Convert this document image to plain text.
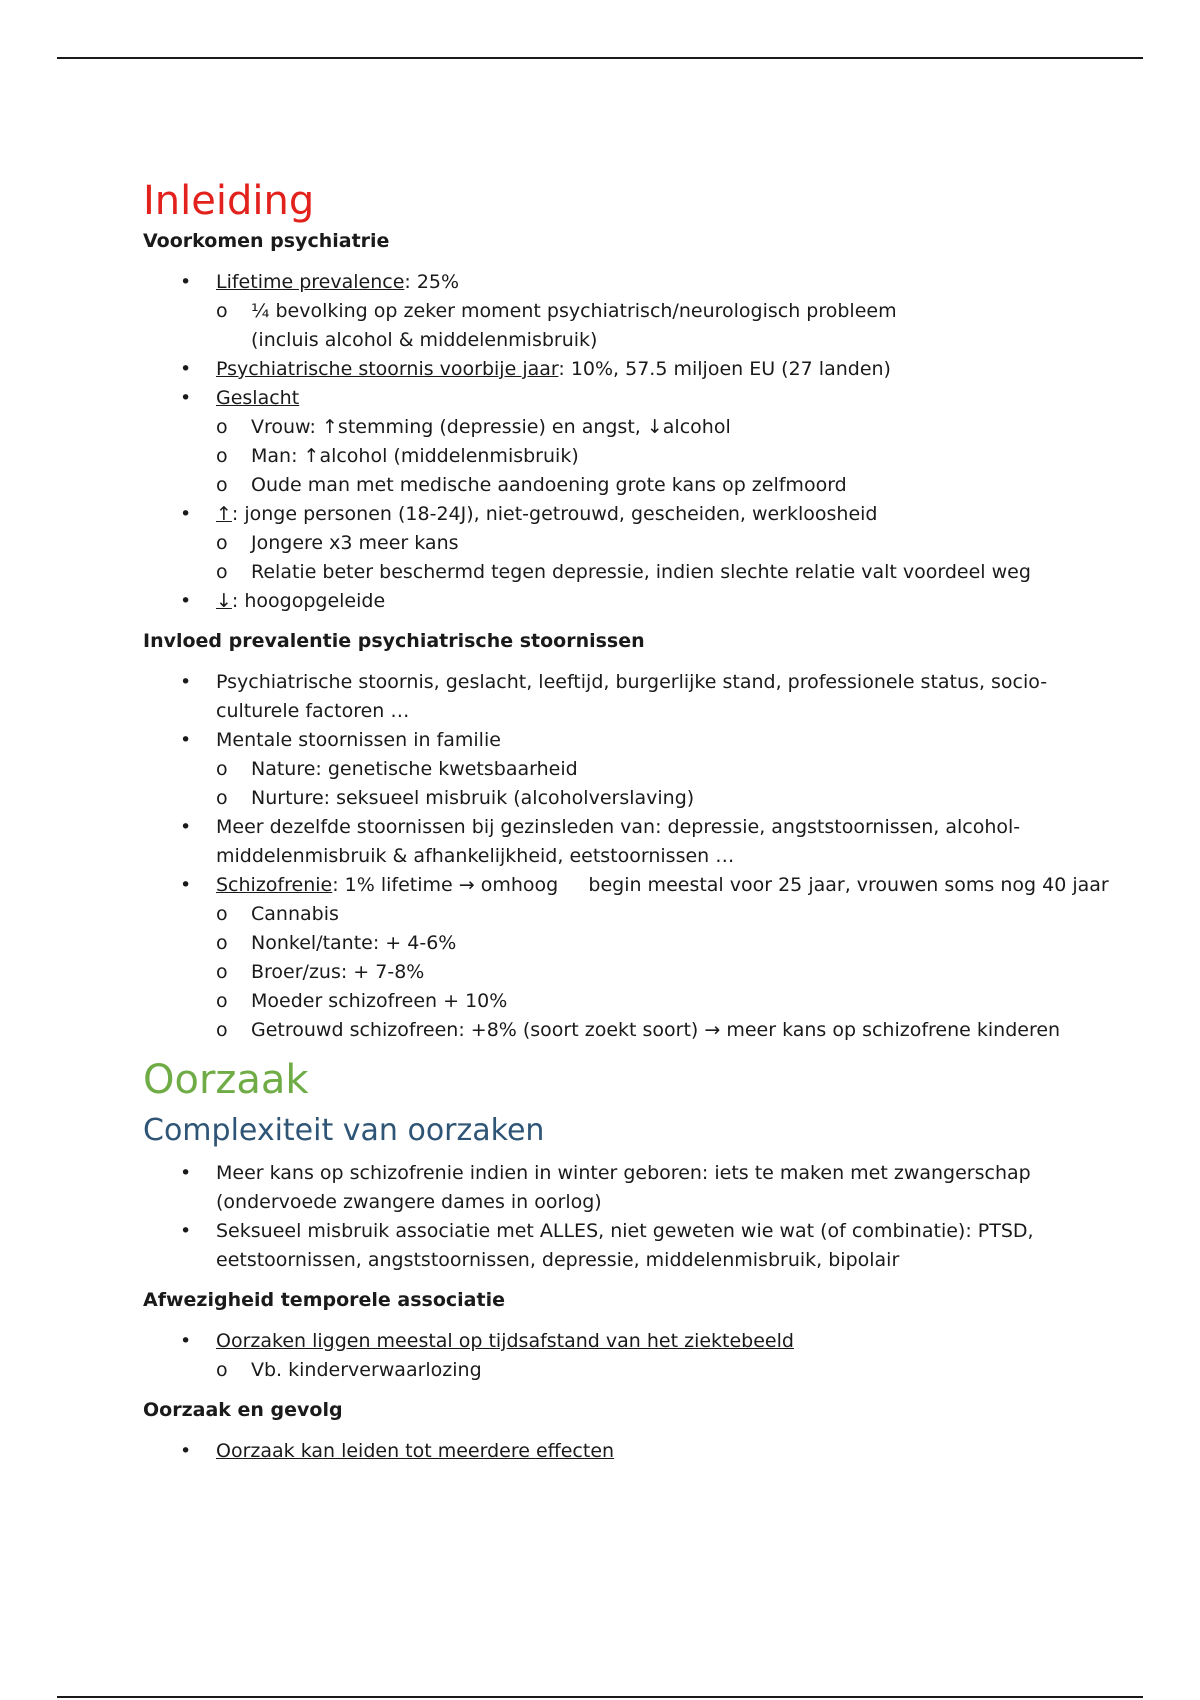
Inleiding
Voorkomen psychiatrie
• Lifetime prevalence: 25%
o ¼ bevolking op zeker moment psychiatrisch/neurologisch probleem
(incluis alcohol & middelenmisbruik)
• Psychiatrische stoornis voorbije jaar: 10%, 57.5 miljoen EU (27 landen)
• Geslacht
o Vrouw: ↑stemming (depressie) en angst, ↓alcohol
o Man: ↑alcohol (middelenmisbruik)
o Oude man met medische aandoening grote kans op zelfmoord
• ↑: jonge personen (18-24J), niet-getrouwd, gescheiden, werkloosheid
o Jongere x3 meer kans
o Relatie beter beschermd tegen depressie, indien slechte relatie valt voordeel weg
• ↓: hoogopgeleide
Invloed prevalentie psychiatrische stoornissen
• Psychiatrische stoornis, geslacht, leeftijd, burgerlijke stand, professionele status, socio-
culturele factoren …
• Mentale stoornissen in familie
o Nature: genetische kwetsbaarheid
o Nurture: seksueel misbruik (alcoholverslaving)
• Meer dezelfde stoornissen bij gezinsleden van: depressie, angststoornissen, alcohol-
middelenmisbruik & afhankelijkheid, eetstoornissen …
• Schizofrenie: 1% lifetime → omhoog     begin meestal voor 25 jaar, vrouwen soms nog 40 jaar
o Cannabis
o Nonkel/tante: + 4-6%
o Broer/zus: + 7-8%
o Moeder schizofreen + 10%
o Getrouwd schizofreen: +8% (soort zoekt soort) → meer kans op schizofrene kinderen
Oorzaak
Complexiteit van oorzaken
• Meer kans op schizofrenie indien in winter geboren: iets te maken met zwangerschap
(ondervoede zwangere dames in oorlog)
• Seksueel misbruik associatie met ALLES, niet geweten wie wat (of combinatie): PTSD,
eetstoornissen, angststoornissen, depressie, middelenmisbruik, bipolair
Afwezigheid temporele associatie
• Oorzaken liggen meestal op tijdsafstand van het ziektebeeld
o Vb. kinderverwaarlozing
Oorzaak en gevolg
• Oorzaak kan leiden tot meerdere effecten
